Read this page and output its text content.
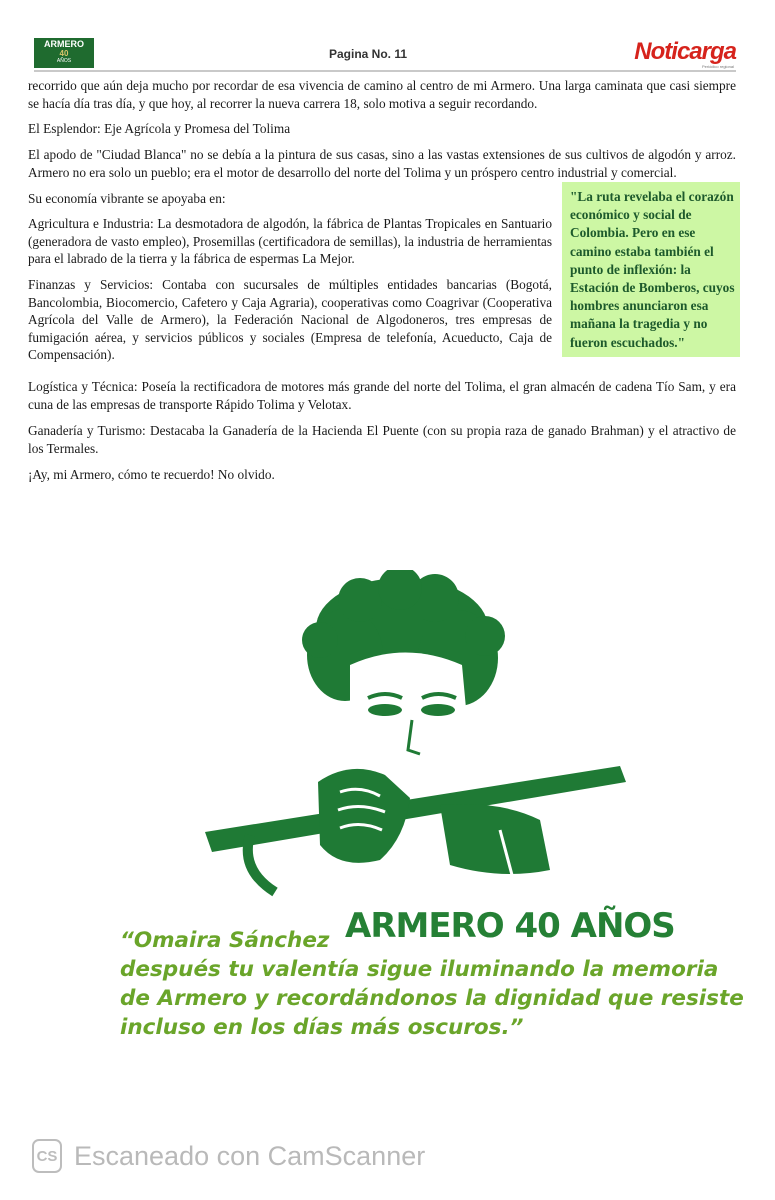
ARMERO
40
AÑOS	Pagina No. 11	Noticarga
Periódico regional

recorrido que aún deja mucho por recordar de esa vivencia de camino al centro de mi Armero. Una larga caminata que casi siempre se hacía día tras día, y que hoy, al recorrer la nueva carrera 18, solo motiva a seguir recordando.

El Esplendor: Eje Agrícola y Promesa del Tolima

El apodo de "Ciudad Blanca" no se debía a la pintura de sus casas, sino a las vastas extensiones de sus cultivos de algodón y arroz. Armero no era solo un pueblo; era el motor de desarrollo del norte del Tolima y un próspero centro industrial y comercial.

Su economía vibrante se apoyaba en:

Agricultura e Industria: La desmotadora de algodón, la fábrica de Plantas Tropicales en Santuario (generadora de vasto empleo), Prosemillas (certificadora de semillas), la industria de herramientas para el labrado de la tierra y la fábrica de espermas La Mejor.

Finanzas y Servicios: Contaba con sucursales de múltiples entidades bancarias (Bogotá, Bancolombia, Biocomercio, Cafetero y Caja Agraria), cooperativas como Coagrivar (Cooperativa Agrícola del Valle de Armero), la Federación Nacional de Algodoneros, tres empresas de fumigación aérea, y servicios públicos y sociales (Empresa de telefonía, Acueducto, Caja de Compensación).

Logística y Técnica: Poseía la rectificadora de motores más grande del norte del Tolima, el gran almacén de cadena Tío Sam, y era cuna de las empresas de transporte Rápido Tolima y Velotax.

Ganadería y Turismo: Destacaba la Ganadería de la Hacienda El Puente (con su propia raza de ganado Brahman) y el atractivo de los Termales.

¡Ay, mi Armero, cómo te recuerdo! No olvido.

"La ruta revelaba el corazón económico y social de Colombia. Pero en ese camino estaba también el punto de inflexión: la Estación de Bomberos, cuyos hombres anunciaron esa mañana la tragedia y no fueron escuchados."
ARMERO 40 AÑOS
“Omaira Sánchez
después tu valentía sigue iluminando la memoria
de Armero y recordándonos la dignidad que resiste
incluso en los días más oscuros.”
CS Escaneado con CamScanner
